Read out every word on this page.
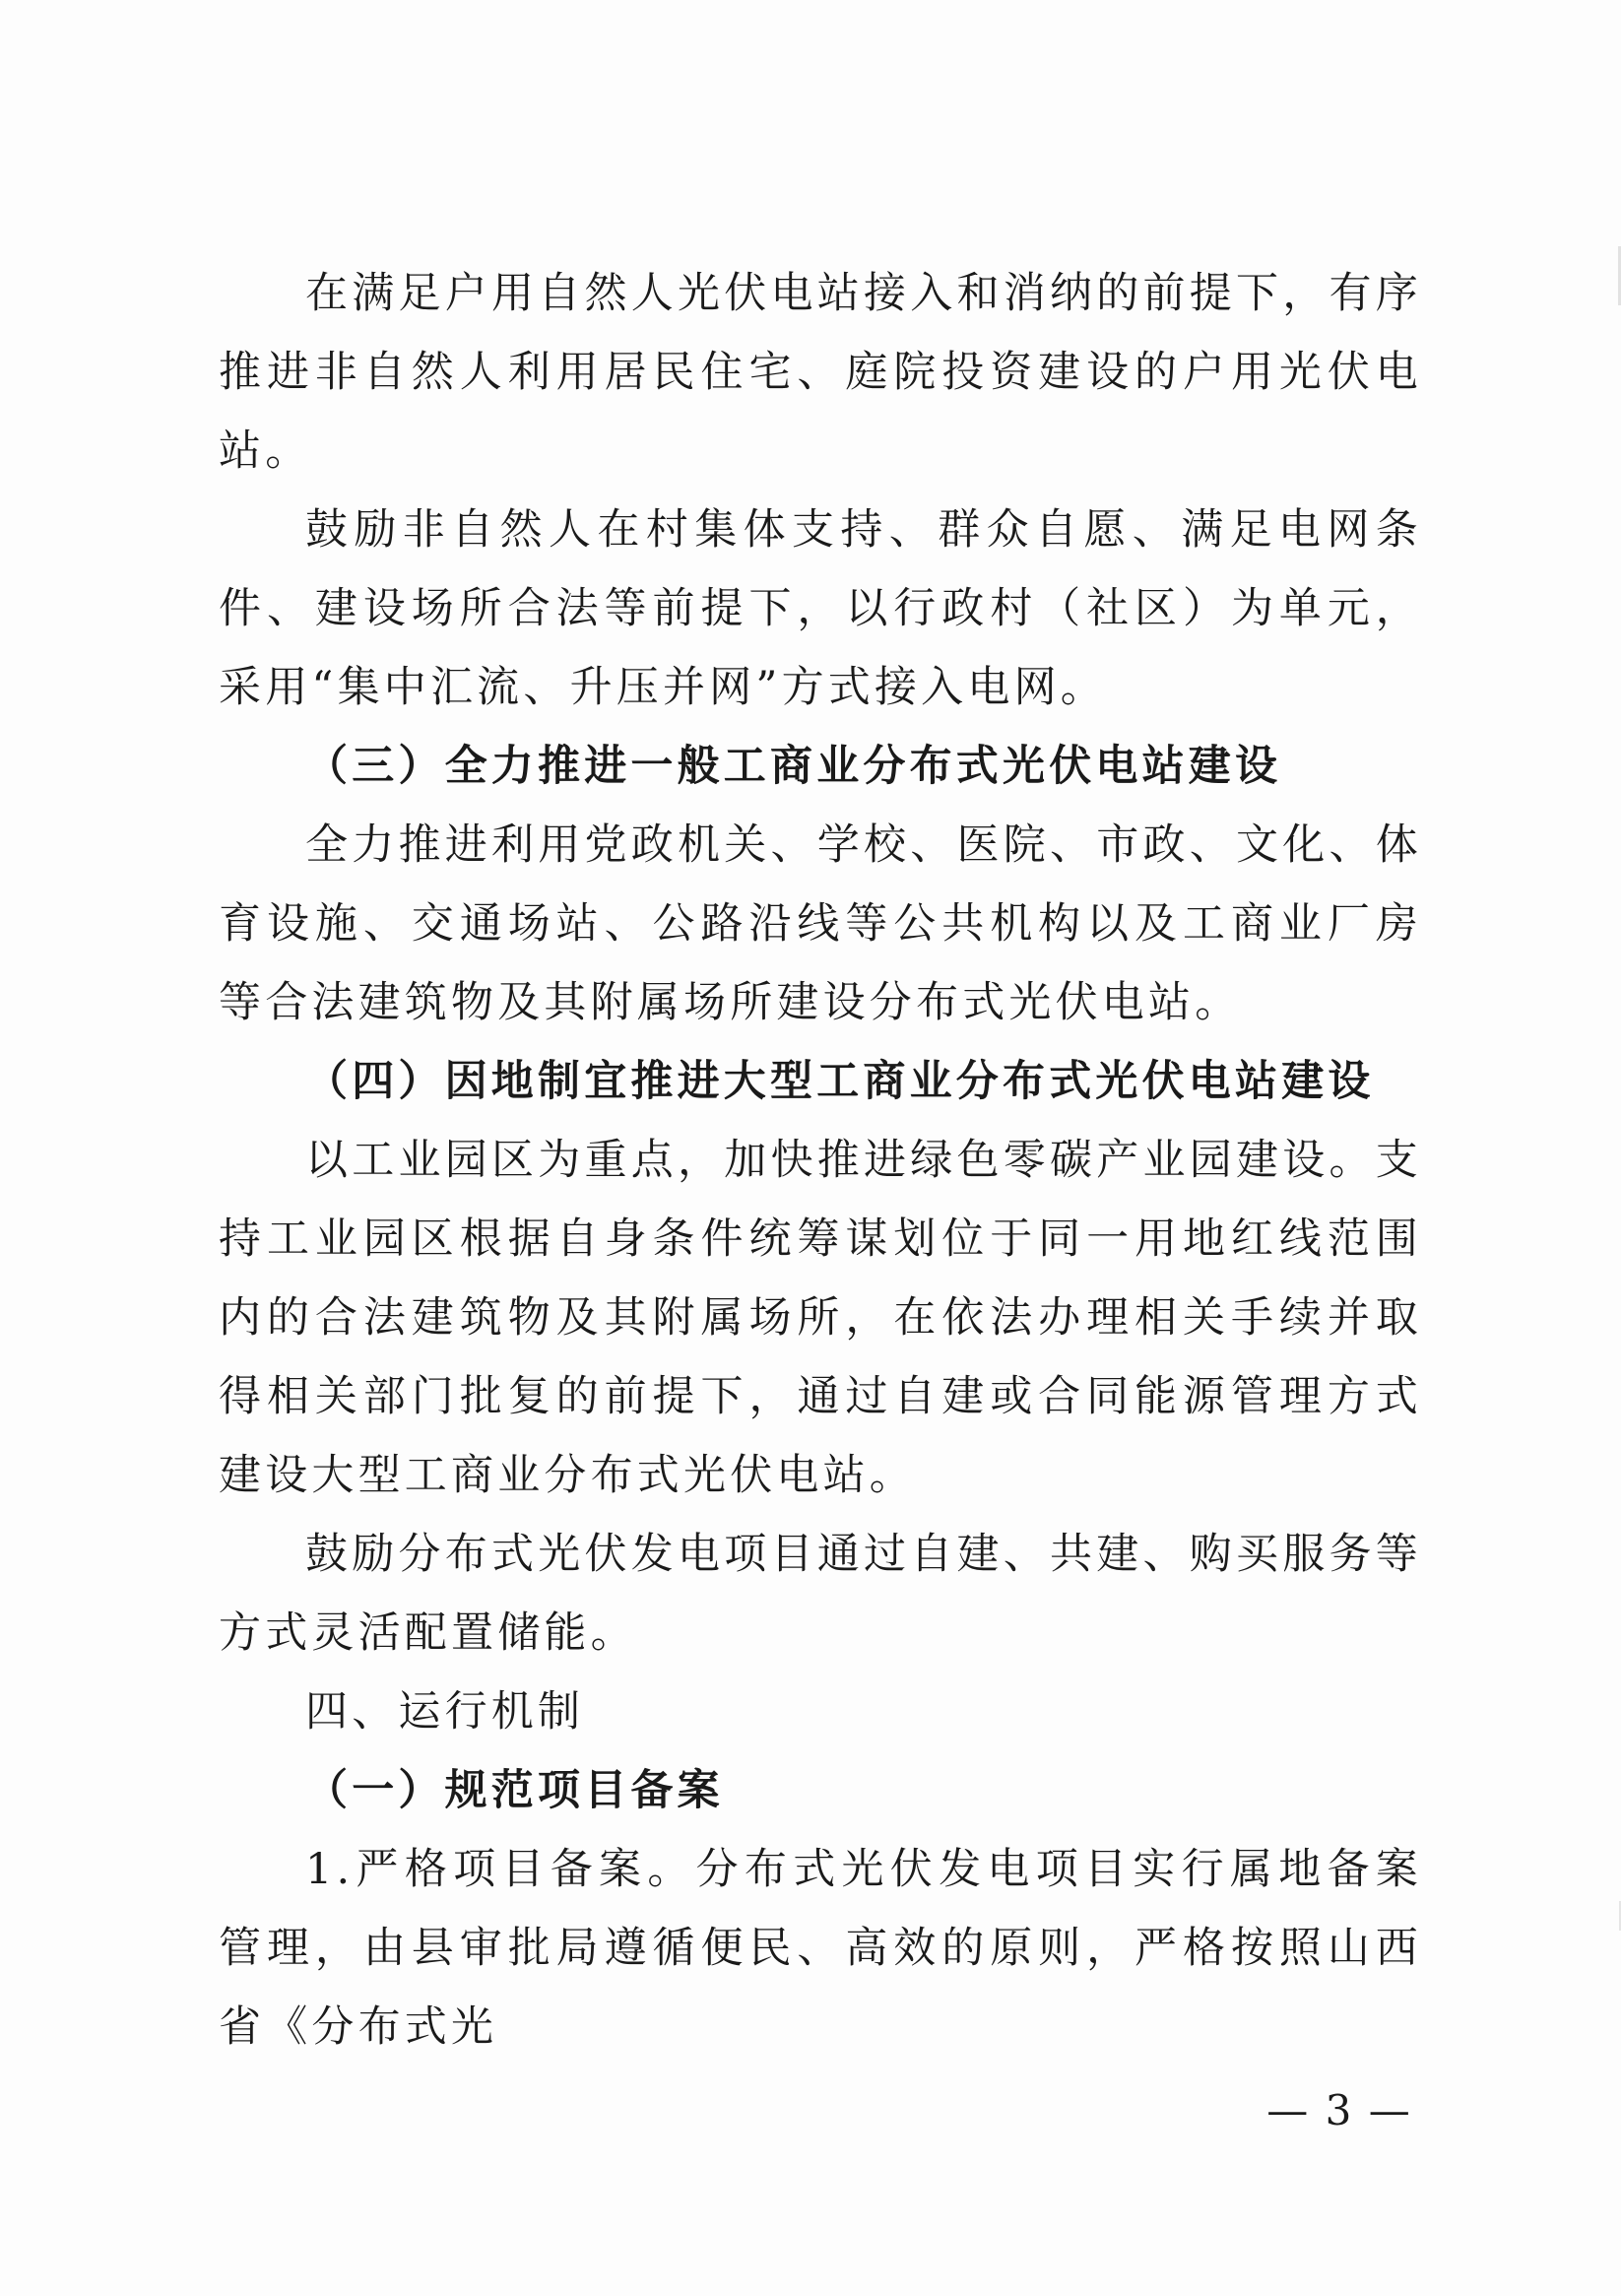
在满足户用自然人光伏电站接入和消纳的前提下，有序推进非自然人利用居民住宅、庭院投资建设的户用光伏电站。

鼓励非自然人在村集体支持、群众自愿、满足电网条件、建设场所合法等前提下，以行政村（社区）为单元，采用“集中汇流、升压并网”方式接入电网。

（三）全力推进一般工商业分布式光伏电站建设

全力推进利用党政机关、学校、医院、市政、文化、体育设施、交通场站、公路沿线等公共机构以及工商业厂房等合法建筑物及其附属场所建设分布式光伏电站。

（四）因地制宜推进大型工商业分布式光伏电站建设

以工业园区为重点，加快推进绿色零碳产业园建设。支持工业园区根据自身条件统筹谋划位于同一用地红线范围内的合法建筑物及其附属场所，在依法办理相关手续并取得相关部门批复的前提下，通过自建或合同能源管理方式建设大型工商业分布式光伏电站。

鼓励分布式光伏发电项目通过自建、共建、购买服务等方式灵活配置储能。

四、运行机制

（一）规范项目备案

1.严格项目备案。分布式光伏发电项目实行属地备案管理，由县审批局遵循便民、高效的原则，严格按照山西省《分布式光

— 3 —
